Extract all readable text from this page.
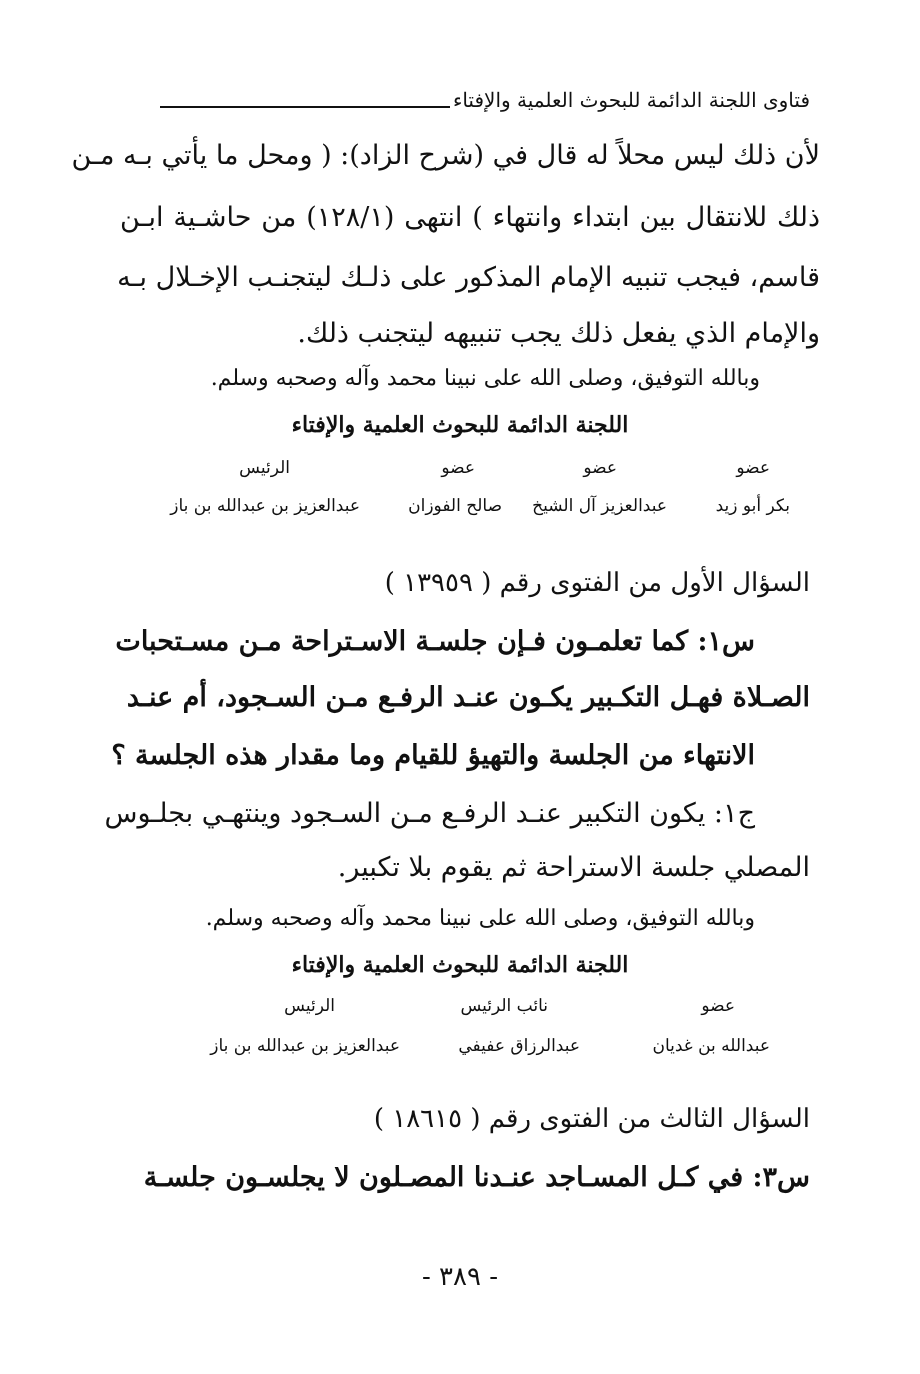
فتاوى اللجنة الدائمة للبحوث العلمية والإفتاء
لأن ذلك ليس محلاً له قال في (شرح الزاد): ( ومحل ما يأتي بـه مـن
ذلك للانتقال بين ابتداء وانتهاء ) انتهى (١٢٨/١) من حاشـية ابـن
قاسم، فيجب تنبيه الإمام المذكور على ذلـك ليتجنـب الإخـلال بـه
والإمام الذي يفعل ذلك يجب تنبيهه ليتجنب ذلك.
وبالله التوفيق، وصلى الله على نبينا محمد وآله وصحبه وسلم.
اللجنة الدائمة للبحوث العلمية والإفتاء
عضو
عضو
عضو
الرئيس
بكر أبو زيد
عبدالعزيز آل الشيخ
صالح الفوزان
عبدالعزيز بن عبدالله بن باز
السؤال الأول من الفتوى رقم ( ١٣٩٥٩ )
س١: كما تعلمـون فـإن جلسـة الاسـتراحة مـن مسـتحبات
الصـلاة فهـل التكـبير يكـون عنـد الرفـع مـن السـجود، أم عنـد
الانتهاء من الجلسة والتهيؤ للقيام وما مقدار هذه الجلسة ؟
ج١: يكون التكبير عنـد الرفـع مـن السـجود وينتهـي بجلـوس
المصلي جلسة الاستراحة ثم يقوم بلا تكبير.
وبالله التوفيق، وصلى الله على نبينا محمد وآله وصحبه وسلم.
اللجنة الدائمة للبحوث العلمية والإفتاء
عضو
نائب الرئيس
الرئيس
عبدالله بن غديان
عبدالرزاق عفيفي
عبدالعزيز بن عبدالله بن باز
السؤال الثالث من الفتوى رقم ( ١٨٦١٥ )
س٣: في كـل المسـاجد عنـدنا المصـلون لا يجلسـون جلسـة
- ٣٨٩ -
